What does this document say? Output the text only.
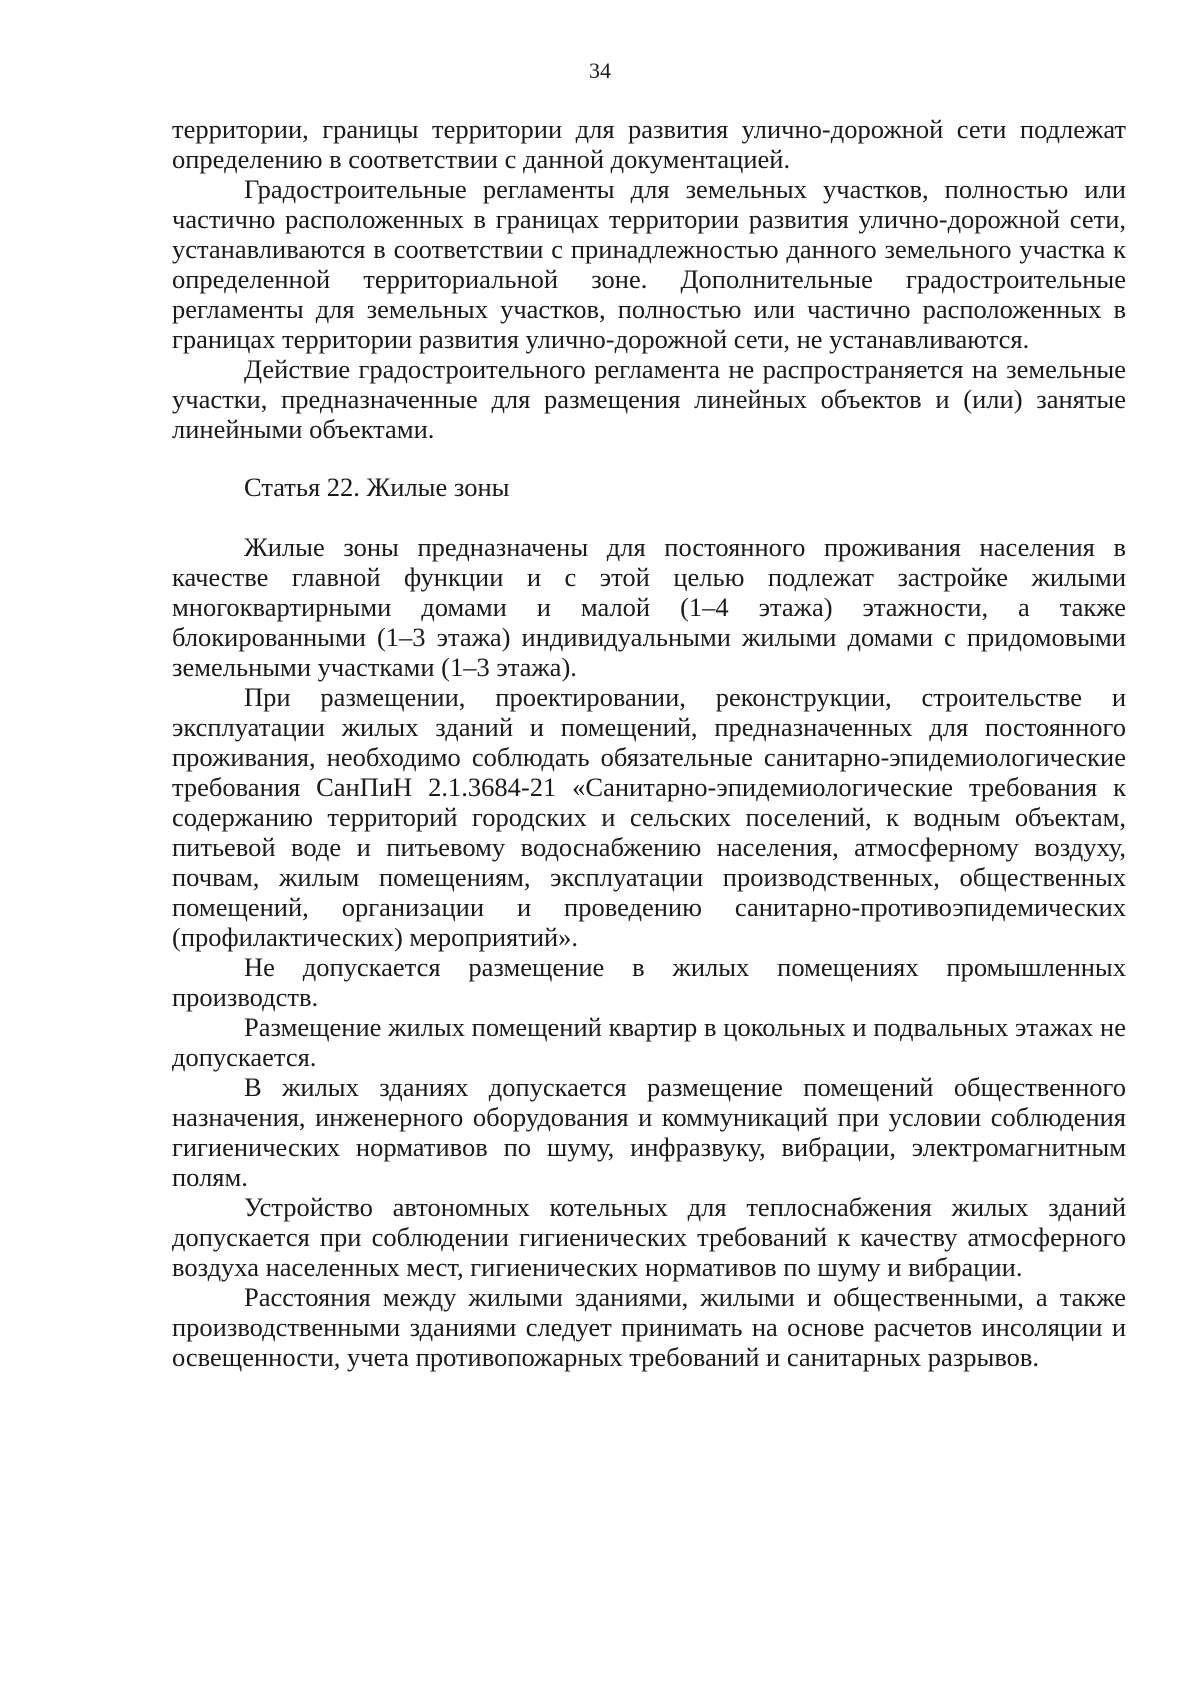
34

территории, границы территории для развития улично-дорожной сети подлежат определению в соответствии с данной документацией.

Градостроительные регламенты для земельных участков, полностью или частично расположенных в границах территории развития улично-дорожной сети, устанавливаются в соответствии с принадлежностью данного земельного участка к определенной территориальной зоне. Дополнительные градостроительные регламенты для земельных участков, полностью или частично расположенных в границах территории развития улично-дорожной сети, не устанавливаются.

Действие градостроительного регламента не распространяется на земельные участки, предназначенные для размещения линейных объектов и (или) занятые линейными объектами.

Статья 22. Жилые зоны

Жилые зоны предназначены для постоянного проживания населения в качестве главной функции и с этой целью подлежат застройке жилыми многоквартирными домами и малой (1–4 этажа) этажности, а также блокированными (1–3 этажа) индивидуальными жилыми домами с придомовыми земельными участками (1–3 этажа).

При размещении, проектировании, реконструкции, строительстве и эксплуатации жилых зданий и помещений, предназначенных для постоянного проживания, необходимо соблюдать обязательные санитарно-эпидемиологические требования СанПиН 2.1.3684-21 «Санитарно-эпидемиологические требования к содержанию территорий городских и сельских поселений, к водным объектам, питьевой воде и питьевому водоснабжению населения, атмосферному воздуху, почвам, жилым помещениям, эксплуатации производственных, общественных помещений, организации и проведению санитарно-противоэпидемических (профилактических) мероприятий».

Не допускается размещение в жилых помещениях промышленных производств.

Размещение жилых помещений квартир в цокольных и подвальных этажах не допускается.

В жилых зданиях допускается размещение помещений общественного назначения, инженерного оборудования и коммуникаций при условии соблюдения гигиенических нормативов по шуму, инфразвуку, вибрации, электромагнитным полям.

Устройство автономных котельных для теплоснабжения жилых зданий допускается при соблюдении гигиенических требований к качеству атмосферного воздуха населенных мест, гигиенических нормативов по шуму и вибрации.

Расстояния между жилыми зданиями, жилыми и общественными, а также производственными зданиями следует принимать на основе расчетов инсоляции и освещенности, учета противопожарных требований и санитарных разрывов.
